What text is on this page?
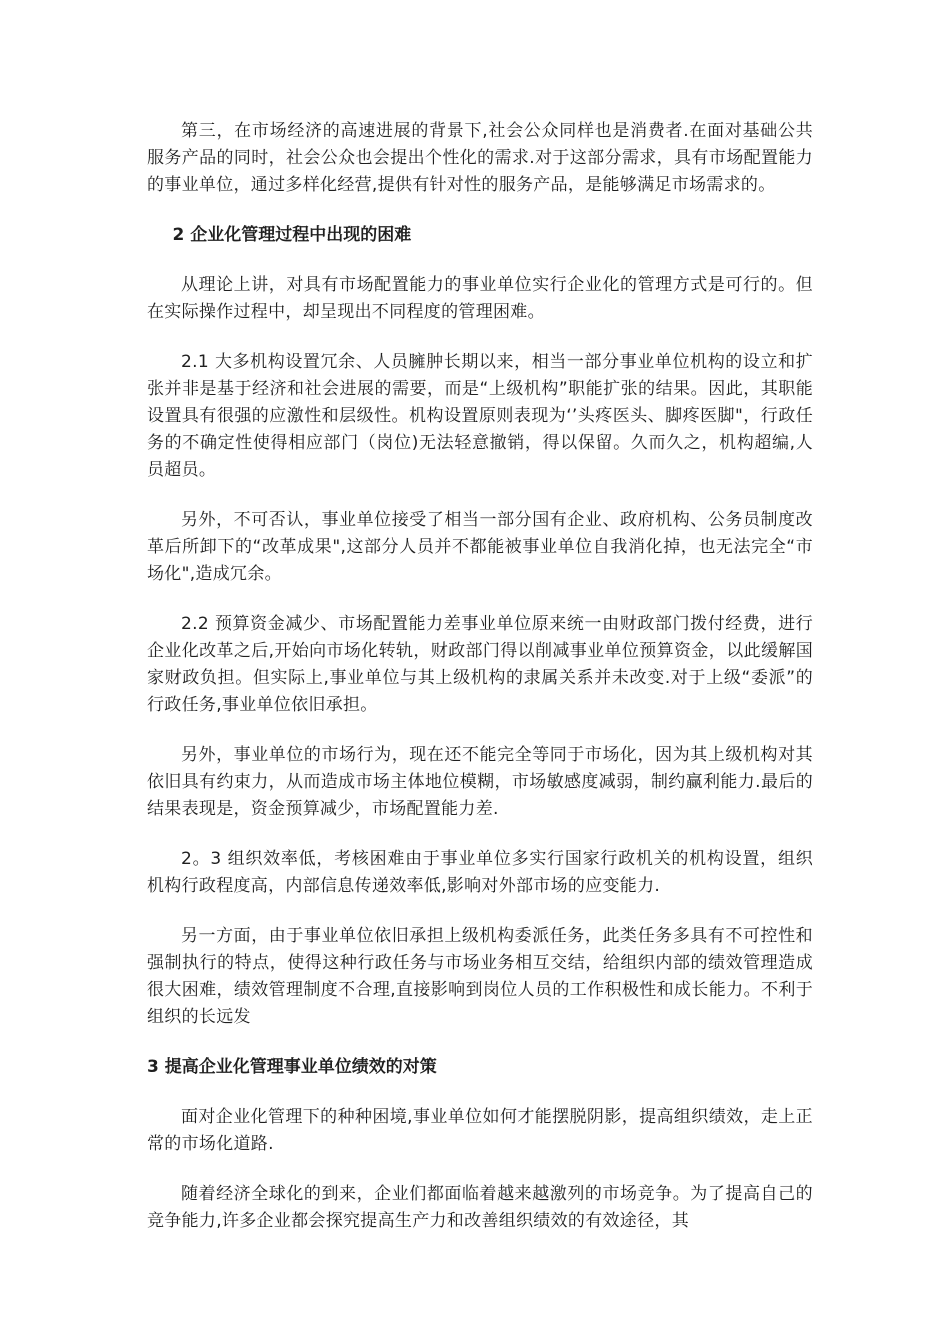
第三，在市场经济的高速进展的背景下,社会公众同样也是消费者.在面对基础公共服务产品的同时，社会公众也会提出个性化的需求.对于这部分需求，具有市场配置能力的事业单位，通过多样化经营,提供有针对性的服务产品，是能够满足市场需求的。

2 企业化管理过程中出现的困难

从理论上讲，对具有市场配置能力的事业单位实行企业化的管理方式是可行的。但在实际操作过程中，却呈现出不同程度的管理困难。

2.1 大多机构设置冗余、人员臃肿长期以来，相当一部分事业单位机构的设立和扩张并非是基于经济和社会进展的需要，而是“上级机构”职能扩张的结果。因此，其职能设置具有很强的应激性和层级性。机构设置原则表现为‘’头疼医头、脚疼医脚"，行政任务的不确定性使得相应部门（岗位)无法轻意撤销，得以保留。久而久之，机构超编,人员超员。

另外，不可否认，事业单位接受了相当一部分国有企业、政府机构、公务员制度改革后所卸下的“改革成果",这部分人员并不都能被事业单位自我消化掉，也无法完全“市场化",造成冗余。

2.2 预算资金减少、市场配置能力差事业单位原来统一由财政部门拨付经费，进行企业化改革之后,开始向市场化转轨，财政部门得以削减事业单位预算资金，以此缓解国家财政负担。但实际上,事业单位与其上级机构的隶属关系并未改变.对于上级“委派”的行政任务,事业单位依旧承担。

另外，事业单位的市场行为，现在还不能完全等同于市场化，因为其上级机构对其依旧具有约束力，从而造成市场主体地位模糊，市场敏感度减弱，制约赢利能力.最后的结果表现是，资金预算减少，市场配置能力差.

2。3 组织效率低，考核困难由于事业单位多实行国家行政机关的机构设置，组织机构行政程度高，内部信息传递效率低,影响对外部市场的应变能力.

另一方面，由于事业单位依旧承担上级机构委派任务，此类任务多具有不可控性和强制执行的特点，使得这种行政任务与市场业务相互交结，给组织内部的绩效管理造成很大困难，绩效管理制度不合理,直接影响到岗位人员的工作积极性和成长能力。不利于组织的长远发

3 提高企业化管理事业单位绩效的对策

面对企业化管理下的种种困境,事业单位如何才能摆脱阴影，提高组织绩效，走上正常的市场化道路.

随着经济全球化的到来，企业们都面临着越来越激列的市场竞争。为了提高自己的竞争能力,许多企业都会探究提高生产力和改善组织绩效的有效途径，其
